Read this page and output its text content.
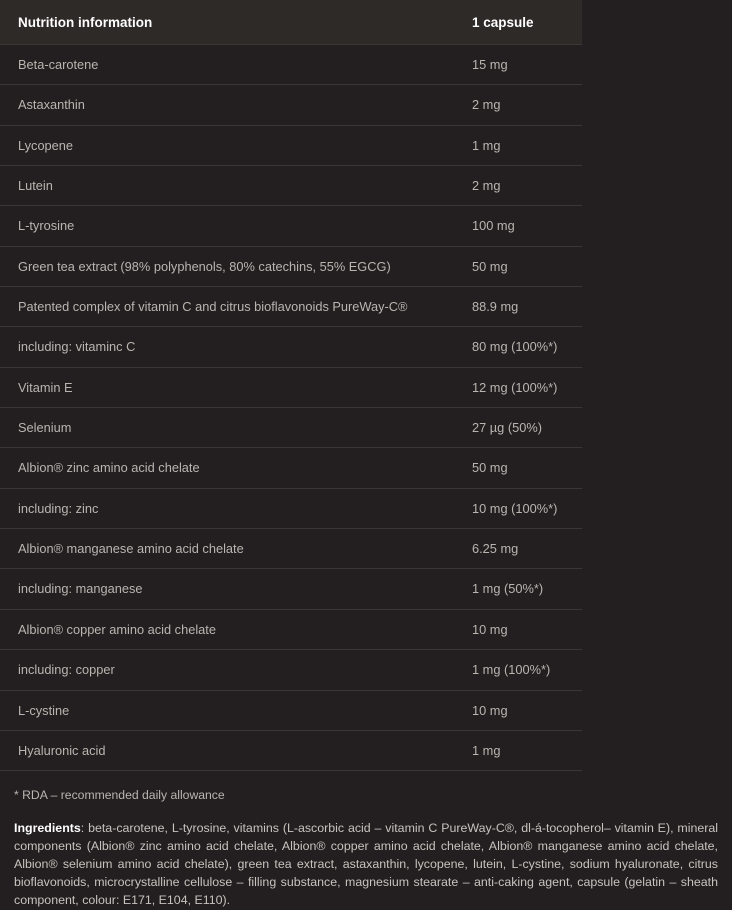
Nutrition information	1 capsule
Beta-carotene	15 mg
Astaxanthin	2 mg
Lycopene	1 mg
Lutein	2 mg
L-tyrosine	100 mg
Green tea extract (98% polyphenols, 80% catechins, 55% EGCG)	50 mg
Patented complex of vitamin C and citrus bioflavonoids PureWay-C®	88.9 mg
including: vitaminc C	80 mg (100%*)
Vitamin E	12 mg (100%*)
Selenium	27 µg (50%)
Albion® zinc amino acid chelate	50 mg
including: zinc	10 mg (100%*)
Albion® manganese amino acid chelate	6.25 mg
including: manganese	1 mg (50%*)
Albion® copper amino acid chelate	10 mg
including: copper	1 mg (100%*)
L-cystine	10 mg
Hyaluronic acid	1 mg
* RDA – recommended daily allowance

Ingredients: beta-carotene, L-tyrosine, vitamins (L-ascorbic acid – vitamin C PureWay-C®, dl-á-tocopherol– vitamin E), mineral components (Albion® zinc amino acid chelate, Albion® copper amino acid chelate, Albion® manganese amino acid chelate, Albion® selenium amino acid chelate), green tea extract, astaxanthin, lycopene, lutein, L-cystine, sodium hyaluronate, citrus bioflavonoids, microcrystalline cellulose – filling substance, magnesium stearate – anti-caking agent, capsule (gelatin – sheath component, colour: E171, E104, E110).
